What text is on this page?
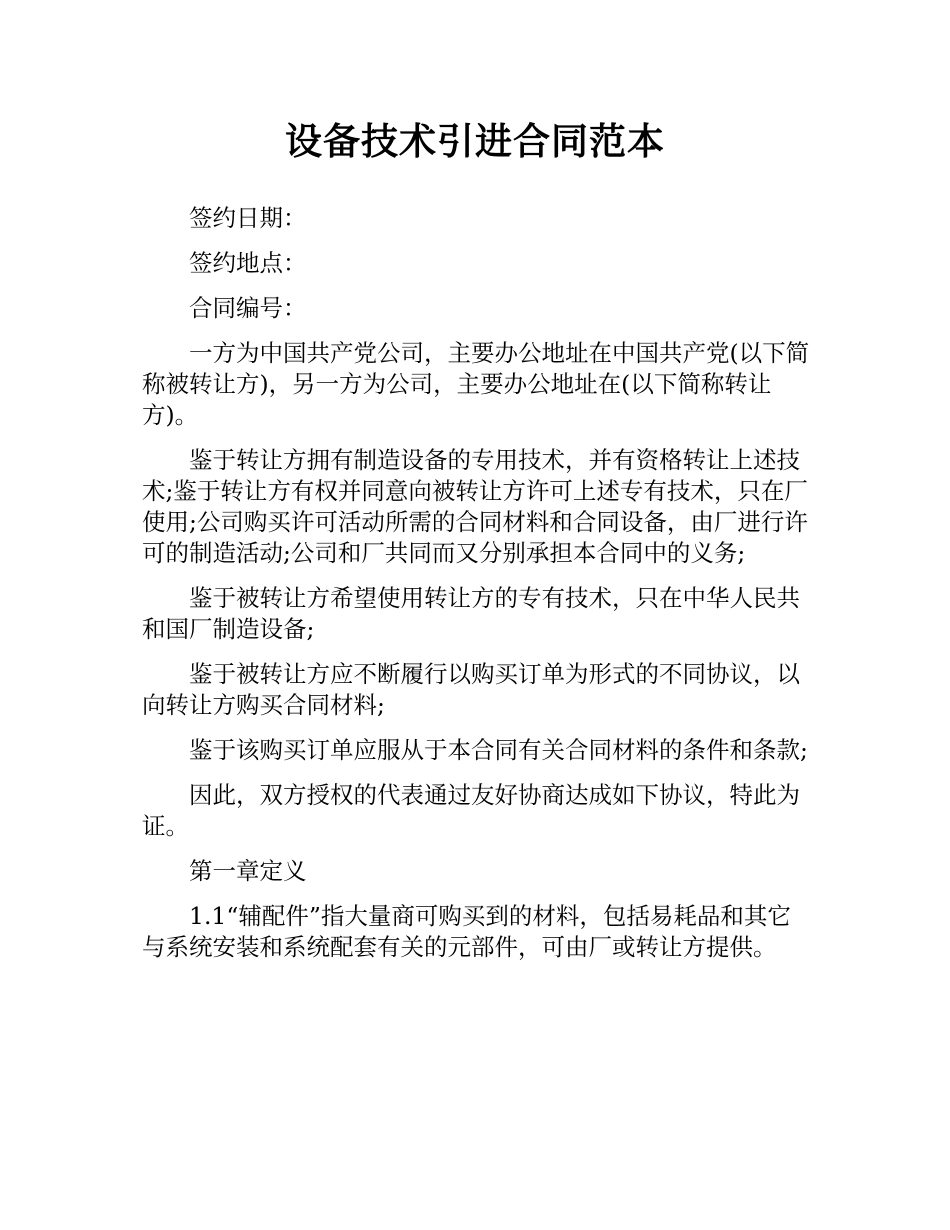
设备技术引进合同范本

签约日期：

签约地点：

合同编号：

一方为中国共产党公司，主要办公地址在中国共产党(以下简称被转让方)，另一方为公司，主要办公地址在(以下简称转让方)。

鉴于转让方拥有制造设备的专用技术，并有资格转让上述技术;鉴于转让方有权并同意向被转让方许可上述专有技术，只在厂使用;公司购买许可活动所需的合同材料和合同设备，由厂进行许可的制造活动;公司和厂共同而又分别承担本合同中的义务;

鉴于被转让方希望使用转让方的专有技术，只在中华人民共和国厂制造设备;

鉴于被转让方应不断履行以购买订单为形式的不同协议，以向转让方购买合同材料;

鉴于该购买订单应服从于本合同有关合同材料的条件和条款;

因此，双方授权的代表通过友好协商达成如下协议，特此为证。

第一章定义

1.1“辅配件”指大量商可购买到的材料，包括易耗品和其它与系统安装和系统配套有关的元部件，可由厂或转让方提供。
